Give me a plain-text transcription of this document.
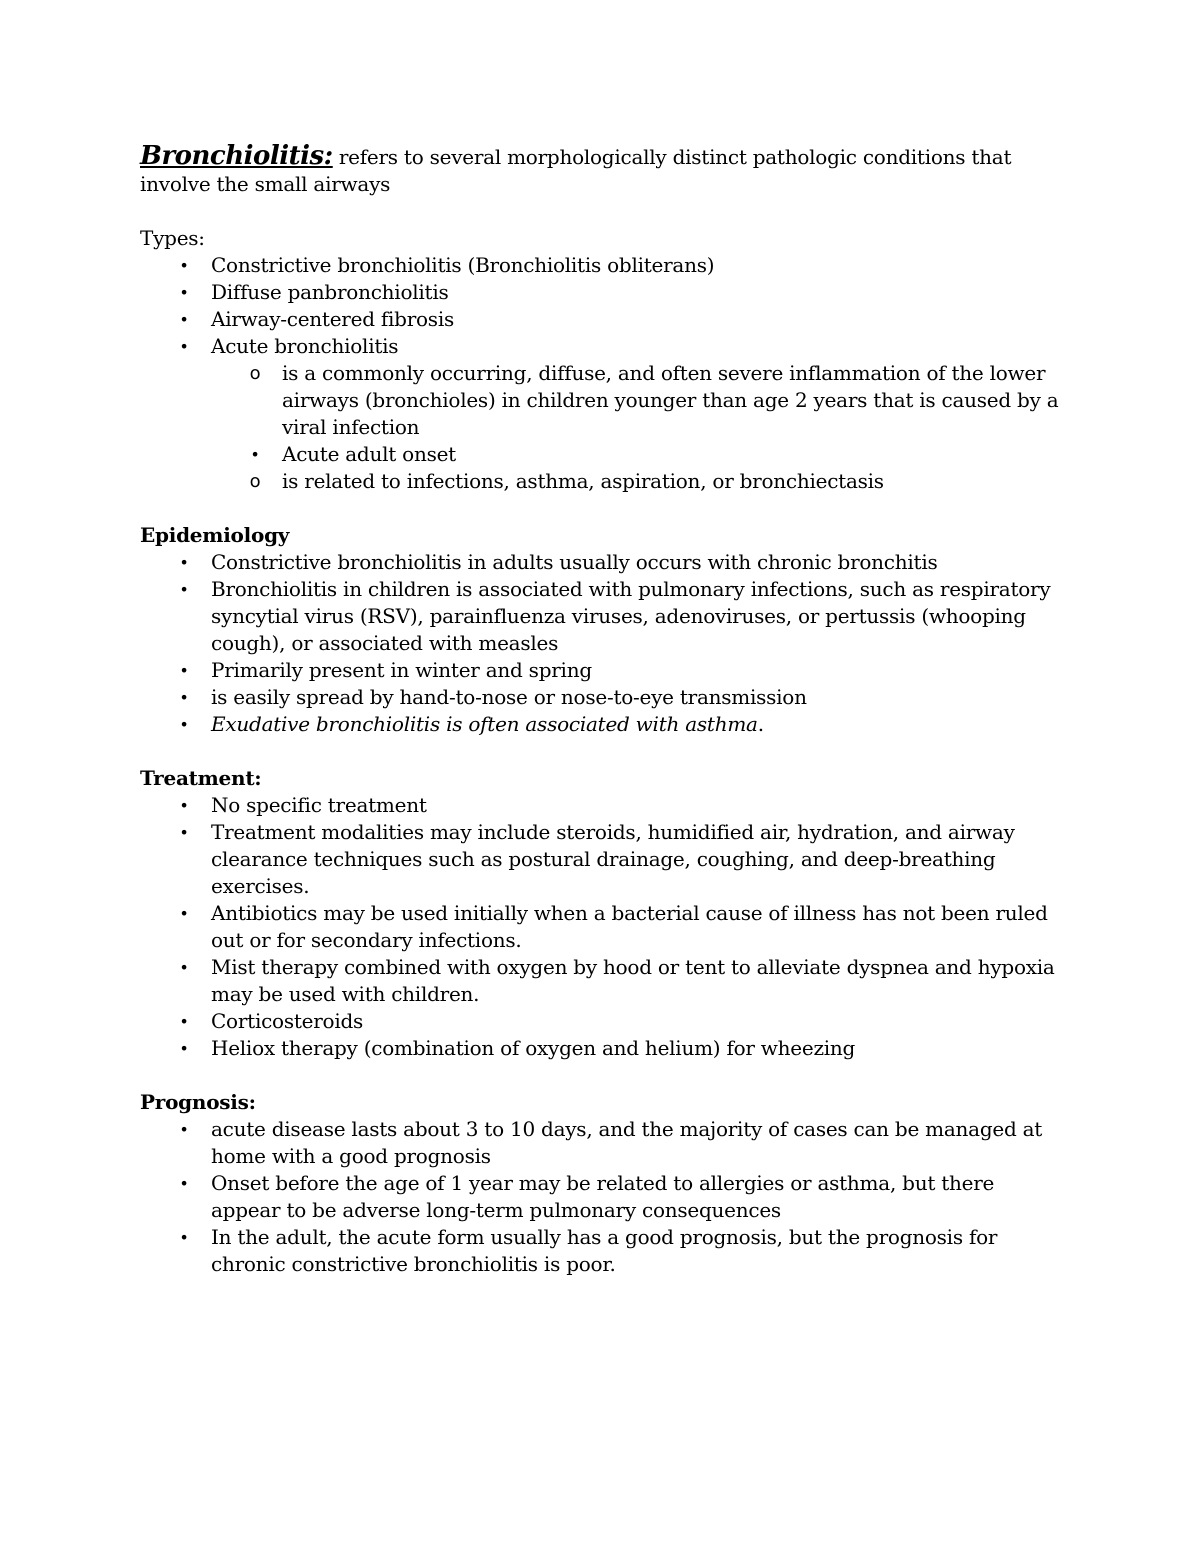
Bronchiolitis: refers to several morphologically distinct pathologic conditions that involve the small airways

Types:

• Constrictive bronchiolitis (Bronchiolitis obliterans)
• Diffuse panbronchiolitis
• Airway-centered fibrosis
• Acute bronchiolitis
o is a commonly occurring, diffuse, and often severe inflammation of the lower airways (bronchioles) in children younger than age 2 years that is caused by a viral infection
• Acute adult onset
o is related to infections, asthma, aspiration, or bronchiectasis

Epidemiology

• Constrictive bronchiolitis in adults usually occurs with chronic bronchitis
• Bronchiolitis in children is associated with pulmonary infections, such as respiratory syncytial virus (RSV), parainfluenza viruses, adenoviruses, or pertussis (whooping cough), or associated with measles
• Primarily present in winter and spring
• is easily spread by hand-to-nose or nose-to-eye transmission
• Exudative bronchiolitis is often associated with asthma.

Treatment:

• No specific treatment
• Treatment modalities may include steroids, humidified air, hydration, and airway clearance techniques such as postural drainage, coughing, and deep-breathing exercises.
• Antibiotics may be used initially when a bacterial cause of illness has not been ruled out or for secondary infections.
• Mist therapy combined with oxygen by hood or tent to alleviate dyspnea and hypoxia may be used with children.
• Corticosteroids
• Heliox therapy (combination of oxygen and helium) for wheezing

Prognosis:

• acute disease lasts about 3 to 10 days, and the majority of cases can be managed at home with a good prognosis
• Onset before the age of 1 year may be related to allergies or asthma, but there appear to be adverse long-term pulmonary consequences
• In the adult, the acute form usually has a good prognosis, but the prognosis for chronic constrictive bronchiolitis is poor.
